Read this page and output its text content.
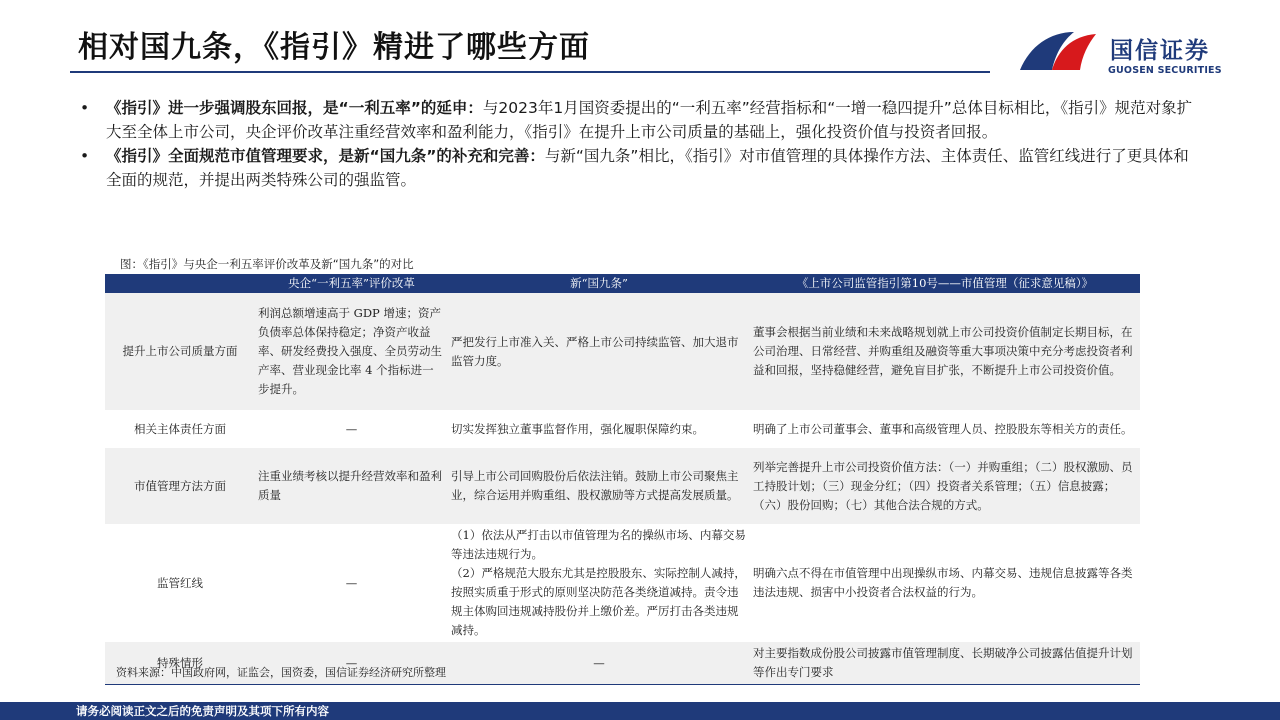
相对国九条，《指引》精进了哪些方面	国信证券
GUOSEN SECURITIES
• 《指引》进一步强调股东回报，是“一利五率”的延申：与2023年1月国资委提出的“一利五率”经营指标和“一增一稳四提升”总体目标相比，《指引》规范对象扩大至全体上市公司，央企评价改革注重经营效率和盈利能力，《指引》在提升上市公司质量的基础上，强化投资价值与投资者回报。
• 《指引》全面规范市值管理要求，是新“国九条”的补充和完善：与新“国九条”相比，《指引》对市值管理的具体操作方法、主体责任、监管红线进行了更具体和全面的规范，并提出两类特殊公司的强监管。
图：《指引》与央企一利五率评价改革及新“国九条”的对比
	央企“一利五率”评价改革	新“国九条”	《上市公司监管指引第10号——市值管理（征求意见稿）》
提升上市公司质量方面	利润总额增速高于 GDP 增速；资产负债率总体保持稳定；净资产收益率、研发经费投入强度、全员劳动生产率、营业现金比率 4 个指标进一步提升。	严把发行上市准入关、严格上市公司持续监管、加大退市监管力度。	董事会根据当前业绩和未来战略规划就上市公司投资价值制定长期目标，在公司治理、日常经营、并购重组及融资等重大事项决策中充分考虑投资者利益和回报，坚持稳健经营，避免盲目扩张，不断提升上市公司投资价值。
相关主体责任方面	—	切实发挥独立董事监督作用，强化履职保障约束。	明确了上市公司董事会、董事和高级管理人员、控股股东等相关方的责任。
市值管理方法方面	注重业绩考核以提升经营效率和盈利质量	引导上市公司回购股份后依法注销。鼓励上市公司聚焦主业，综合运用并购重组、股权激励等方式提高发展质量。	列举完善提升上市公司投资价值方法：（一）并购重组；（二）股权激励、员工持股计划；（三）现金分红；（四）投资者关系管理；（五）信息披露；（六）股份回购；（七）其他合法合规的方式。
监管红线	—	（1）依法从严打击以市值管理为名的操纵市场、内幕交易等违法违规行为。
（2）严格规范大股东尤其是控股股东、实际控制人减持，按照实质重于形式的原则坚决防范各类绕道减持。责令违规主体购回违规减持股份并上缴价差。严厉打击各类违规减持。	明确六点不得在市值管理中出现操纵市场、内幕交易、违规信息披露等各类违法违规、损害中小投资者合法权益的行为。
特殊情形	—	—	对主要指数成份股公司披露市值管理制度、长期破净公司披露估值提升计划等作出专门要求
资料来源：中国政府网，证监会，国资委，国信证券经济研究所整理
请务必阅读正文之后的免责声明及其项下所有内容
